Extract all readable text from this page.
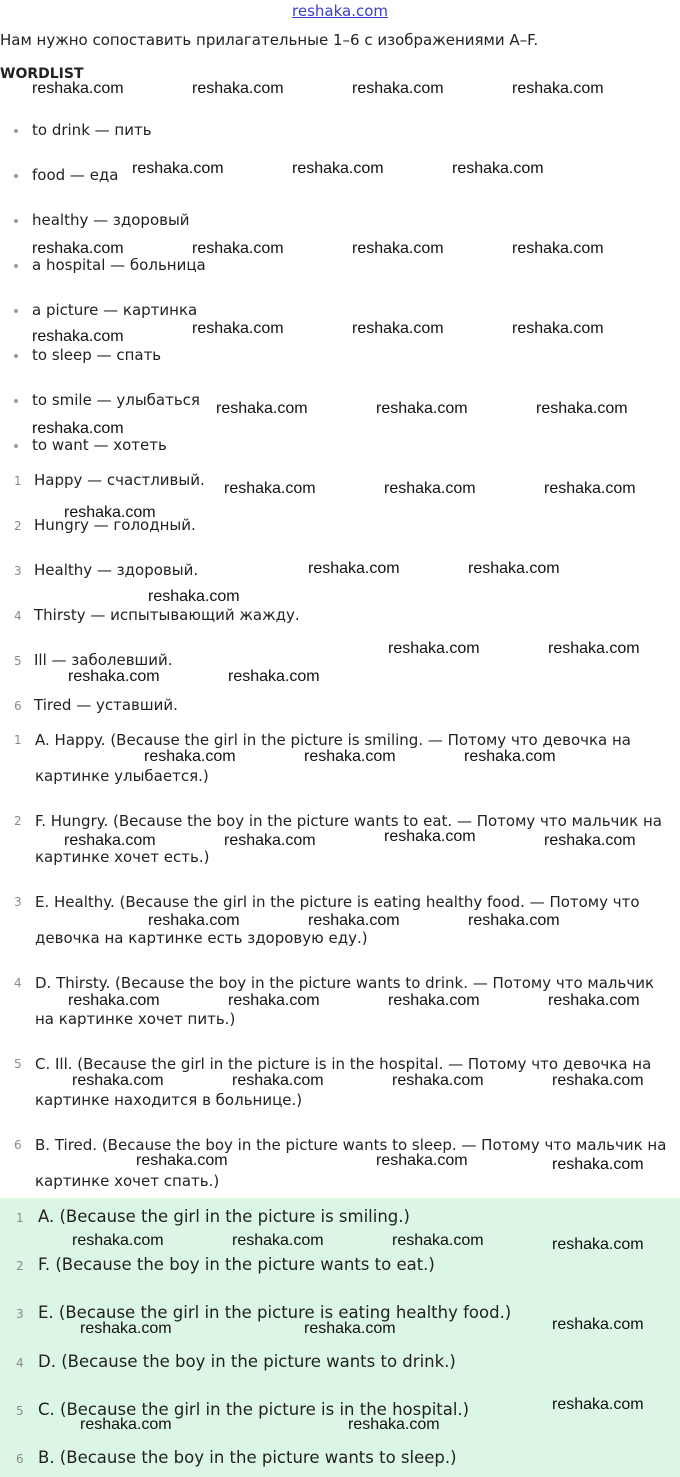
reshaka.com

Нам нужно сопоставить прилагательные 1–6 с изображениями A–F.

WORDLIST
to drink — пить
food — еда
healthy — здоровый
a hospital — больница
a picture — картинка
to sleep — спать
to smile — улыбаться
to want — хотеть
1 Happy — счастливый.
2 Hungry — голодный.
3 Healthy — здоровый.
4 Thirsty — испытывающий жажду.
5 Ill — заболевший.
6 Tired — уставший.
1 A. Happy. (Because the girl in the picture is smiling. — Потому что девочка на картинке улыбается.)
2 F. Hungry. (Because the boy in the picture wants to eat. — Потому что мальчик на картинке хочет есть.)
3 E. Healthy. (Because the girl in the picture is eating healthy food. — Потому что девочка на картинке есть здоровую еду.)
4 D. Thirsty. (Because the boy in the picture wants to drink. — Потому что мальчик на картинке хочет пить.)
5 C. Ill. (Because the girl in the picture is in the hospital. — Потому что девочка на картинке находится в больнице.)
6 B. Tired. (Because the boy in the picture wants to sleep. — Потому что мальчик на картинке хочет спать.)
1 A. (Because the girl in the picture is smiling.)
2 F. (Because the boy in the picture wants to eat.)
3 E. (Because the girl in the picture is eating healthy food.)
4 D. (Because the boy in the picture wants to drink.)
5 C. (Because the girl in the picture is in the hospital.)
6 B. (Because the boy in the picture wants to sleep.)
reshaka.com	reshaka.com	reshaka.com	reshaka.com
reshaka.com	reshaka.com	reshaka.com
reshaka.com	reshaka.com	reshaka.com	reshaka.com
reshaka.com	reshaka.com	reshaka.com	reshaka.com
reshaka.com	reshaka.com	reshaka.com
reshaka.com
reshaka.com	reshaka.com	reshaka.com
reshaka.com
reshaka.com	reshaka.com
reshaka.com
reshaka.com	reshaka.com
reshaka.com	reshaka.com
reshaka.com	reshaka.com	reshaka.com
reshaka.com	reshaka.com	reshaka.com	reshaka.com
reshaka.com	reshaka.com	reshaka.com
reshaka.com	reshaka.com	reshaka.com	reshaka.com
reshaka.com	reshaka.com	reshaka.com	reshaka.com
reshaka.com	reshaka.com	reshaka.com
reshaka.com	reshaka.com	reshaka.com	reshaka.com
reshaka.com	reshaka.com	reshaka.com
reshaka.com
reshaka.com	reshaka.com
